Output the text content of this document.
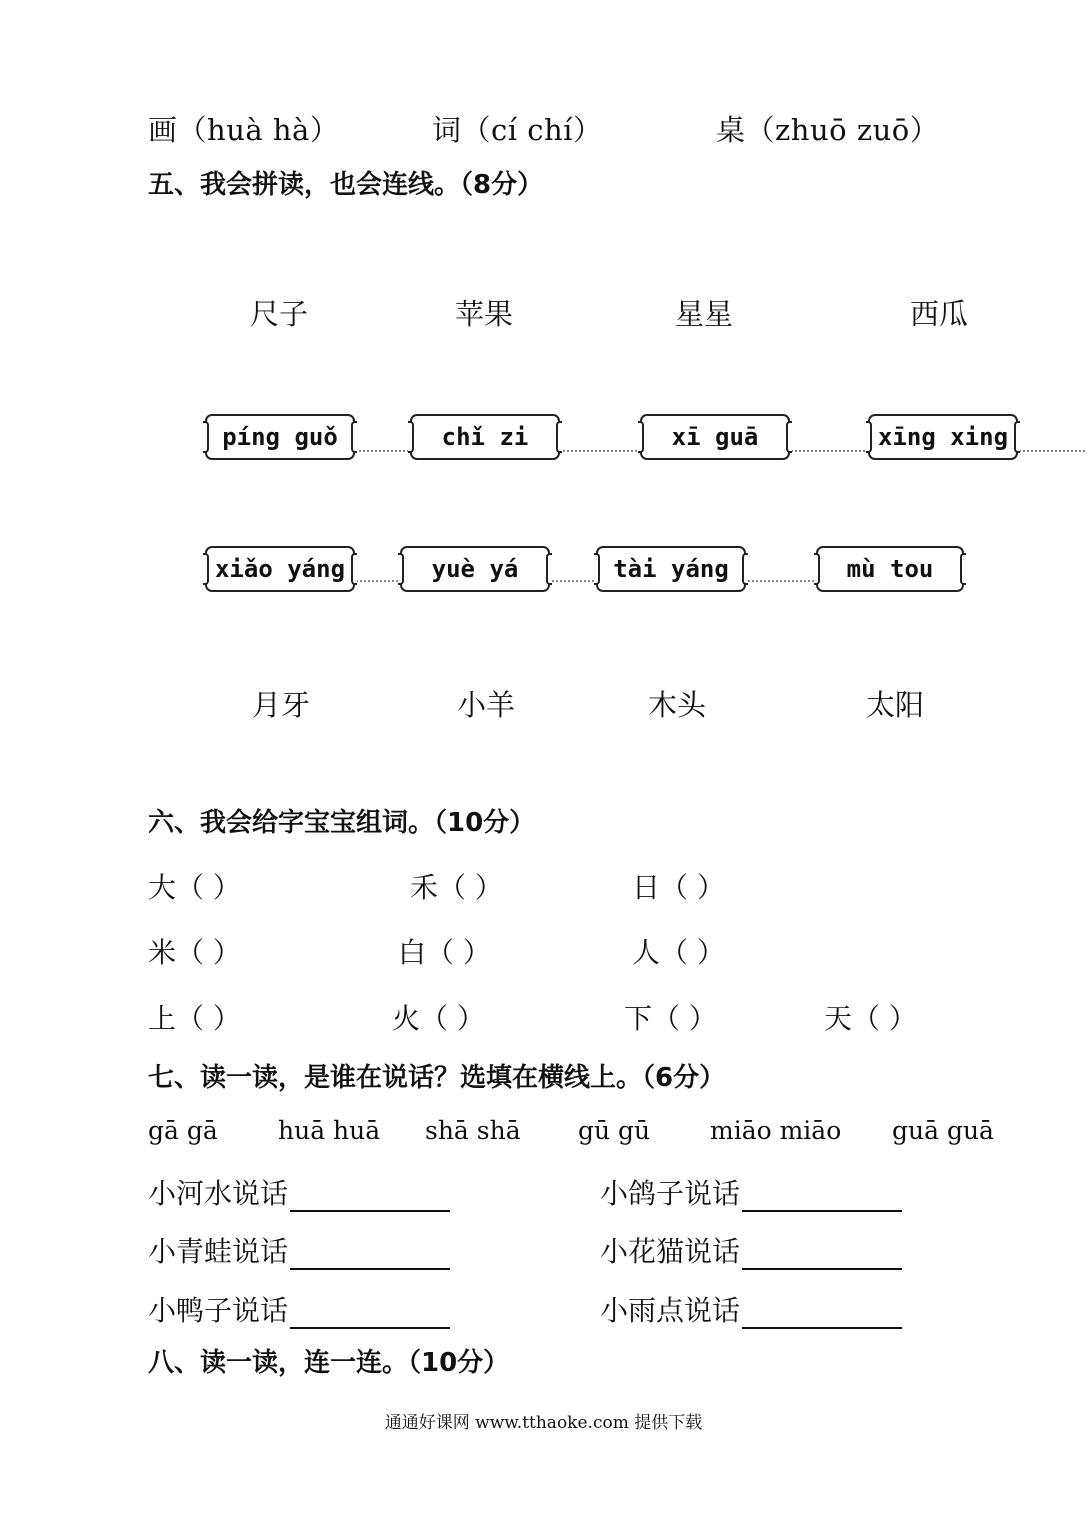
画（huà hà）	词（cí chí）	桌（zhuō zuō）
五、我会拼读，也会连线。（8分）
尺子	苹果	星星	西瓜
píng guǒ	chǐ zi	xī guā	xīng xing
xiǎo yáng	yuè yá	tài yáng	mù tou
月牙	小羊	木头	太阳
六、我会给字宝宝组词。（10分）
大（ ）	禾（ ）	日（ ）
米（ ）	白（ ）	人（ ）
上（ ）	火（ ）	下（ ）	天（ ）
七、读一读，是谁在说话？选填在横线上。（6分）
gā gā huā huā shā shā gū gū miāo miāo guā guā
小河水说话	小鸽子说话
小青蛙说话	小花猫说话
小鸭子说话	小雨点说话
八、读一读，连一连。（10分）
通通好课网 www.tthaoke.com 提供下载
